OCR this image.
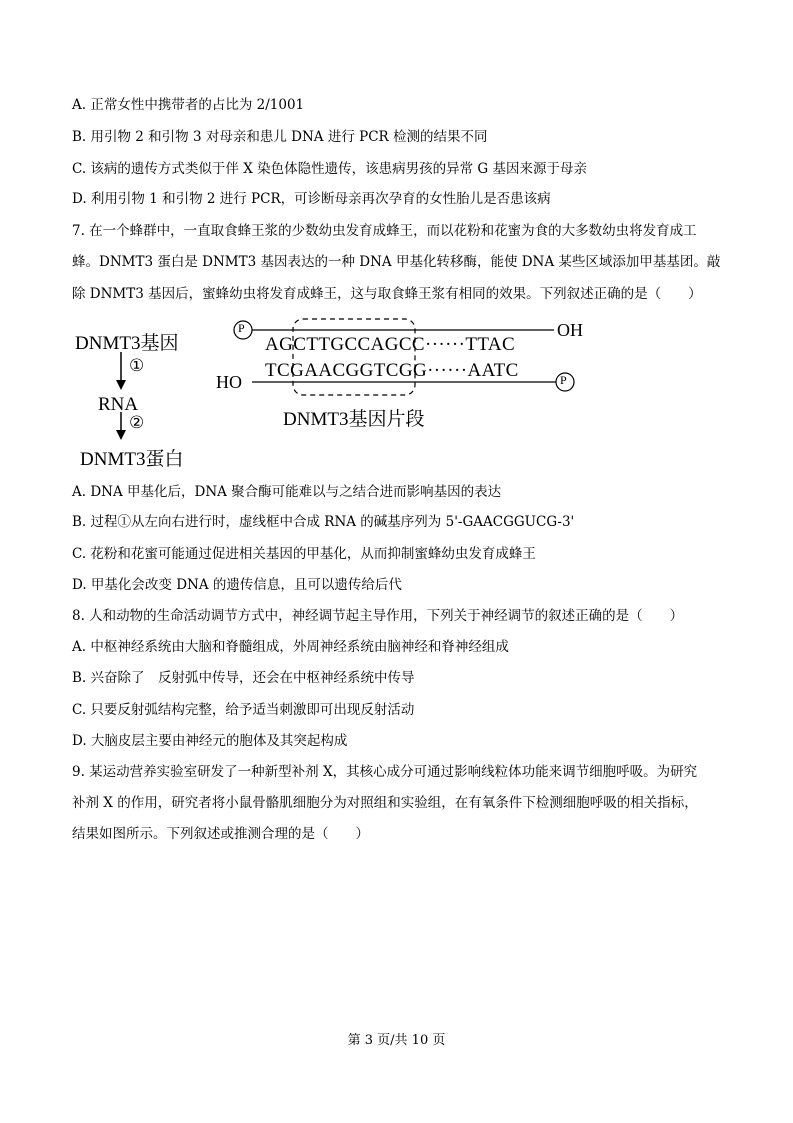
A. 正常女性中携带者的占比为 2/1001
B. 用引物 2 和引物 3 对母亲和患儿 DNA 进行 PCR 检测的结果不同
C. 该病的遗传方式类似于伴 X 染色体隐性遗传，该患病男孩的异常 G 基因来源于母亲
D. 利用引物 1 和引物 2 进行 PCR，可诊断母亲再次孕育的女性胎儿是否患该病
7. 在一个蜂群中，一直取食蜂王浆的少数幼虫发育成蜂王，而以花粉和花蜜为食的大多数幼虫将发育成工
蜂。DNMT3 蛋白是 DNMT3 基因表达的一种 DNA 甲基化转移酶，能使 DNA 某些区域添加甲基基团。敲
除 DNMT3 基因后，蜜蜂幼虫将发育成蜂王，这与取食蜂王浆有相同的效果。下列叙述正确的是（　　）
DNMT3基因
①
RNA
②
DNMT3蛋白
P	OH
HO	P
AGCTTGCCAGCC······TTAC
TCGAACGGTCGG······AATC
DNMT3基因片段
A. DNA 甲基化后，DNA 聚合酶可能难以与之结合进而影响基因的表达
B. 过程①从左向右进行时，虚线框中合成 RNA 的碱基序列为 5'-GAACGGUCG-3'
C. 花粉和花蜜可能通过促进相关基因的甲基化，从而抑制蜜蜂幼虫发育成蜂王
D. 甲基化会改变 DNA 的遗传信息，且可以遗传给后代
8. 人和动物的生命活动调节方式中，神经调节起主导作用，下列关于神经调节的叙述正确的是（　　）
A. 中枢神经系统由大脑和脊髓组成，外周神经系统由脑神经和脊神经组成
B. 兴奋除了　反射弧中传导，还会在中枢神经系统中传导
C. 只要反射弧结构完整，给予适当刺激即可出现反射活动
D. 大脑皮层主要由神经元的胞体及其突起构成
9. 某运动营养实验室研发了一种新型补剂 X，其核心成分可通过影响线粒体功能来调节细胞呼吸。为研究
补剂 X 的作用，研究者将小鼠骨骼肌细胞分为对照组和实验组，在有氧条件下检测细胞呼吸的相关指标，
结果如图所示。下列叙述或推测合理的是（　　）
第 3 页/共 10 页
